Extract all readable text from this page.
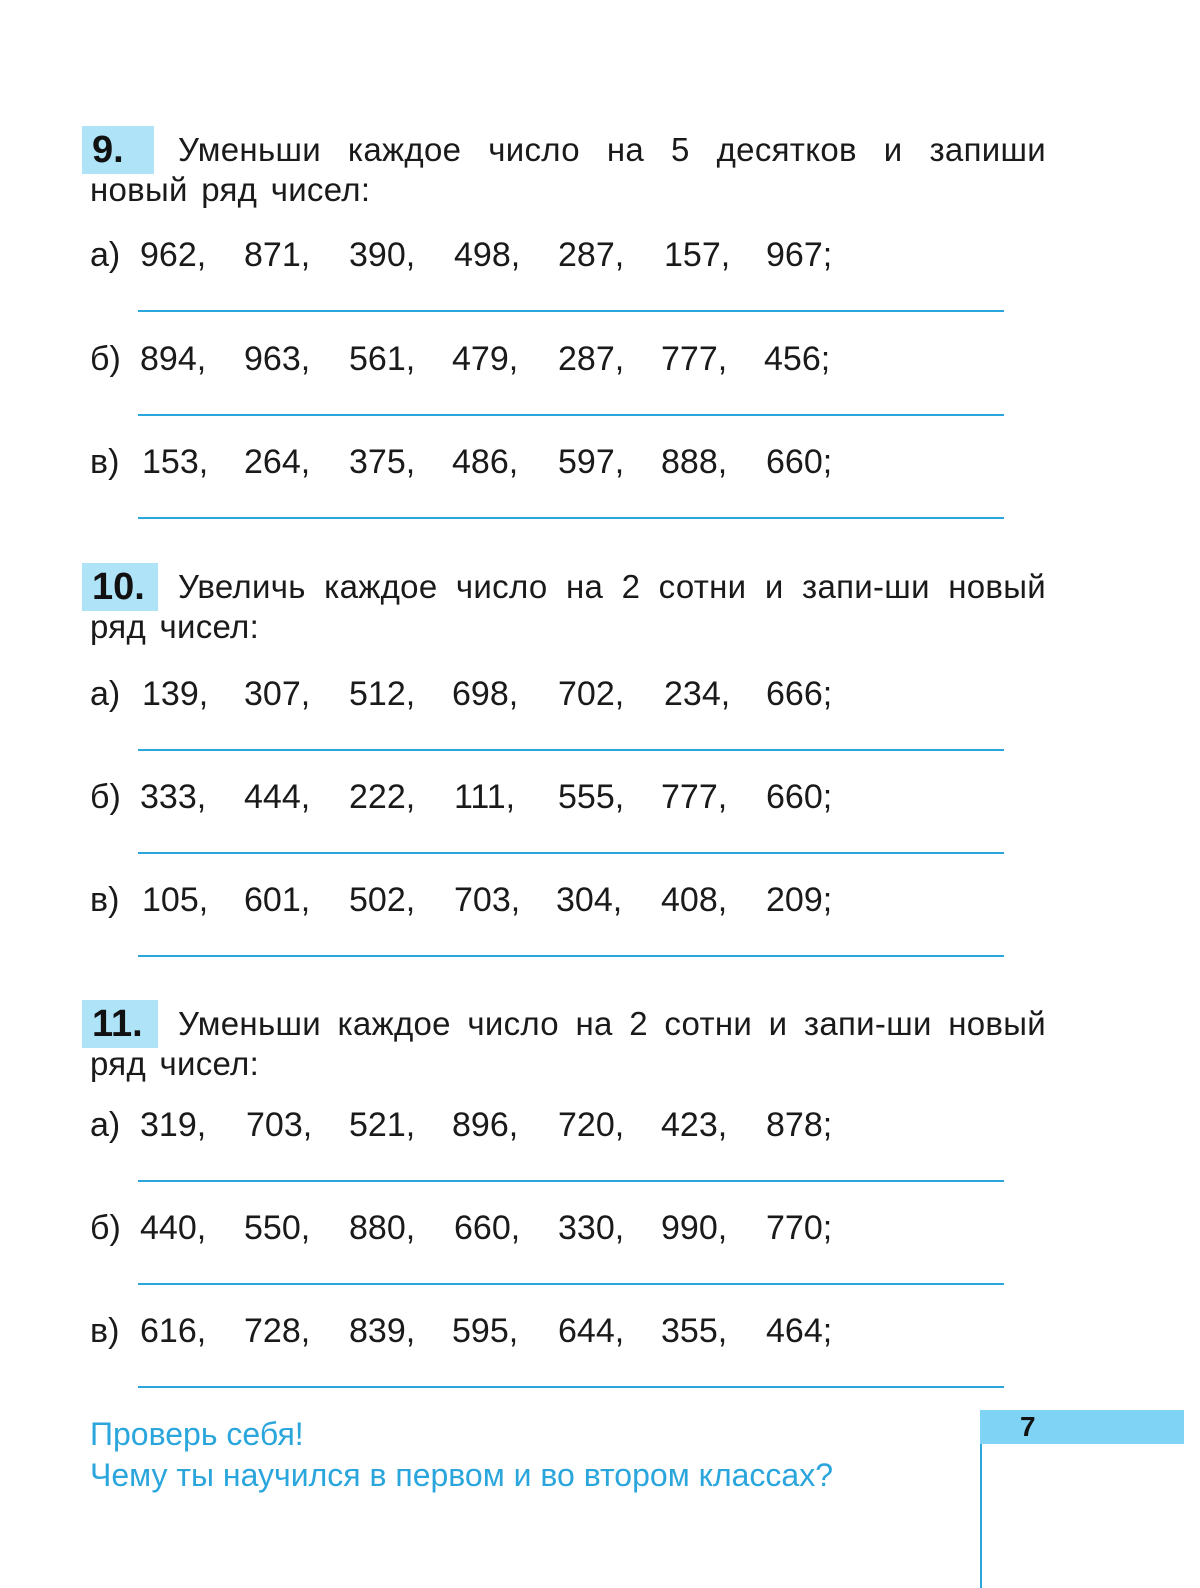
9.	Уменьши каждое число на 5 десятков и запиши новый ряд чисел:
а) 962, 871, 390, 498, 287, 157, 967;
б) 894, 963, 561, 479, 287, 777, 456;
в) 153, 264, 375, 486, 597, 888, 660;
10.	Увеличь каждое число на 2 сотни и запи-ши новый ряд чисел:
а) 139, 307, 512, 698, 702, 234, 666;
б) 333, 444, 222, 111, 555, 777, 660;
в) 105, 601, 502, 703, 304, 408, 209;
11.	Уменьши каждое число на 2 сотни и запи-ши новый ряд чисел:
а) 319, 703, 521, 896, 720, 423, 878;
б) 440, 550, 880, 660, 330, 990, 770;
в) 616, 728, 839, 595, 644, 355, 464;
Проверь себя!
Чему ты научился в первом и во втором классах?
7
